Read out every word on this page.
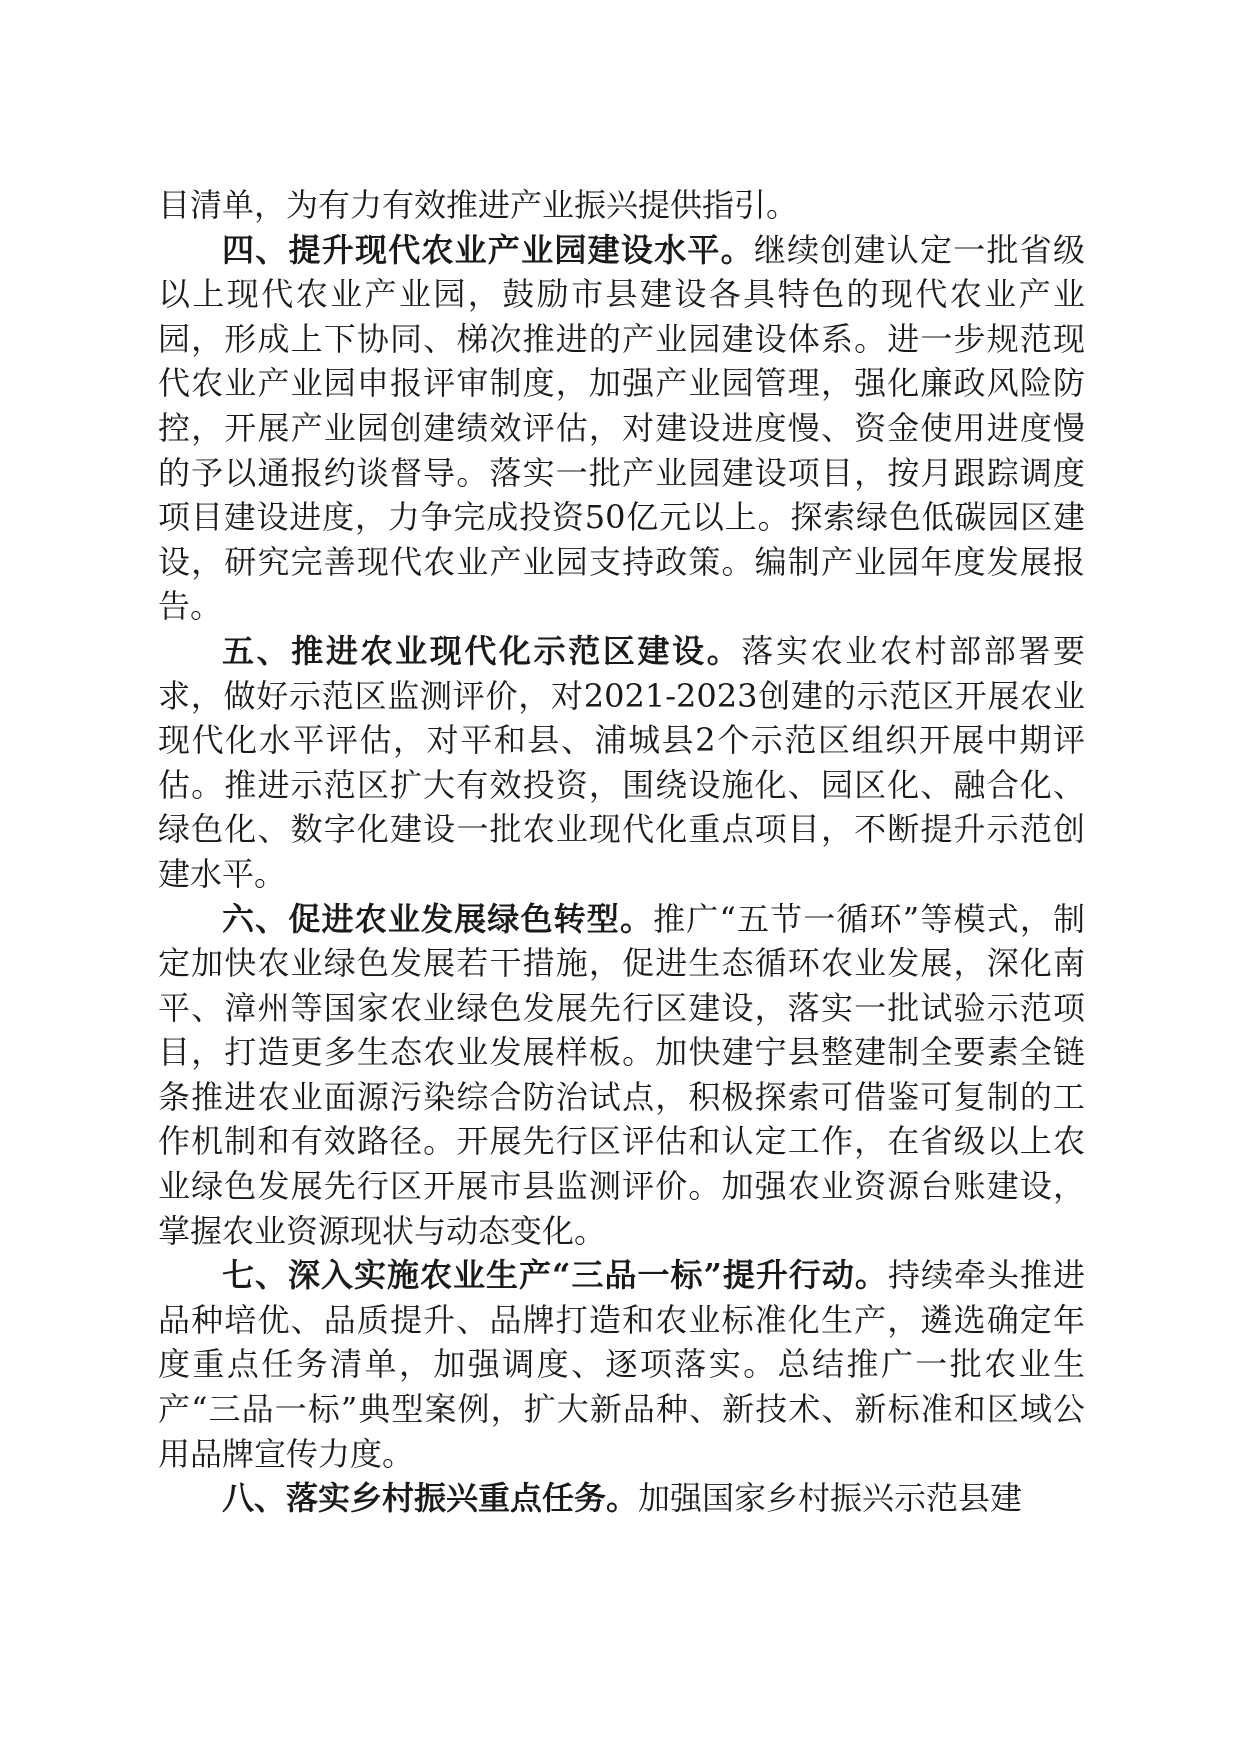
目清单，为有力有效推进产业振兴提供指引。

四、提升现代农业产业园建设水平。继续创建认定一批省级以上现代农业产业园，鼓励市县建设各具特色的现代农业产业园，形成上下协同、梯次推进的产业园建设体系。进一步规范现代农业产业园申报评审制度，加强产业园管理，强化廉政风险防控，开展产业园创建绩效评估，对建设进度慢、资金使用进度慢的予以通报约谈督导。落实一批产业园建设项目，按月跟踪调度项目建设进度，力争完成投资50亿元以上。探索绿色低碳园区建设，研究完善现代农业产业园支持政策。编制产业园年度发展报告。

五、推进农业现代化示范区建设。落实农业农村部部署要求，做好示范区监测评价，对2021-2023创建的示范区开展农业现代化水平评估，对平和县、浦城县2个示范区组织开展中期评估。推进示范区扩大有效投资，围绕设施化、园区化、融合化、绿色化、数字化建设一批农业现代化重点项目，不断提升示范创建水平。

六、促进农业发展绿色转型。推广“五节一循环”等模式，制定加快农业绿色发展若干措施，促进生态循环农业发展，深化南平、漳州等国家农业绿色发展先行区建设，落实一批试验示范项目，打造更多生态农业发展样板。加快建宁县整建制全要素全链条推进农业面源污染综合防治试点，积极探索可借鉴可复制的工作机制和有效路径。开展先行区评估和认定工作，在省级以上农业绿色发展先行区开展市县监测评价。加强农业资源台账建设，掌握农业资源现状与动态变化。

七、深入实施农业生产“三品一标”提升行动。持续牵头推进品种培优、品质提升、品牌打造和农业标准化生产，遴选确定年度重点任务清单，加强调度、逐项落实。总结推广一批农业生产“三品一标”典型案例，扩大新品种、新技术、新标准和区域公用品牌宣传力度。

八、落实乡村振兴重点任务。加强国家乡村振兴示范县建
